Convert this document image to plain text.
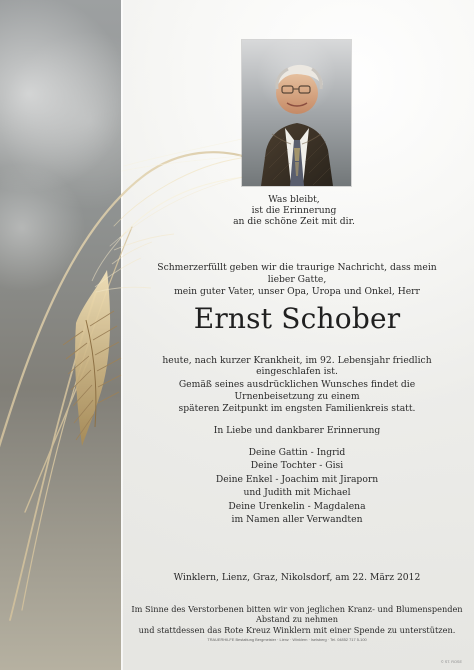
Was bleibt,
ist die Erinnerung
an die schöne Zeit mit dir.
Schmerzerfüllt geben wir die traurige Nachricht, dass mein lieber Gatte,
mein guter Vater, unser Opa, Uropa und Onkel, Herr
Ernst Schober

heute, nach kurzer Krankheit, im 92. Lebensjahr friedlich eingeschlafen ist.

Gemäß seines ausdrücklichen Wunsches findet die Urnenbeisetzung zu einem
späteren Zeitpunkt im engsten Familienkreis statt.

In Liebe und dankbarer Erinnerung

Deine Gattin - Ingrid
Deine Tochter - Gisi
Deine Enkel - Joachim mit Jiraporn
und Judith mit Michael
Deine Urenkelin - Magdalena
im Namen aller Verwandten

Winklern, Lienz, Graz, Nikolsdorf, am 22. März 2012

Im Sinne des Verstorbenen bitten wir von jeglichen Kranz- und Blumenspenden Abstand zu nehmen
und stattdessen das Rote Kreuz Winklern mit einer Spende zu unterstützen.

TRAUERHILFE Bestattung Bergmeister · Lienz · Winklern · Iselsberg · Tel. 04852 717 5-100

© ST. ROSE
